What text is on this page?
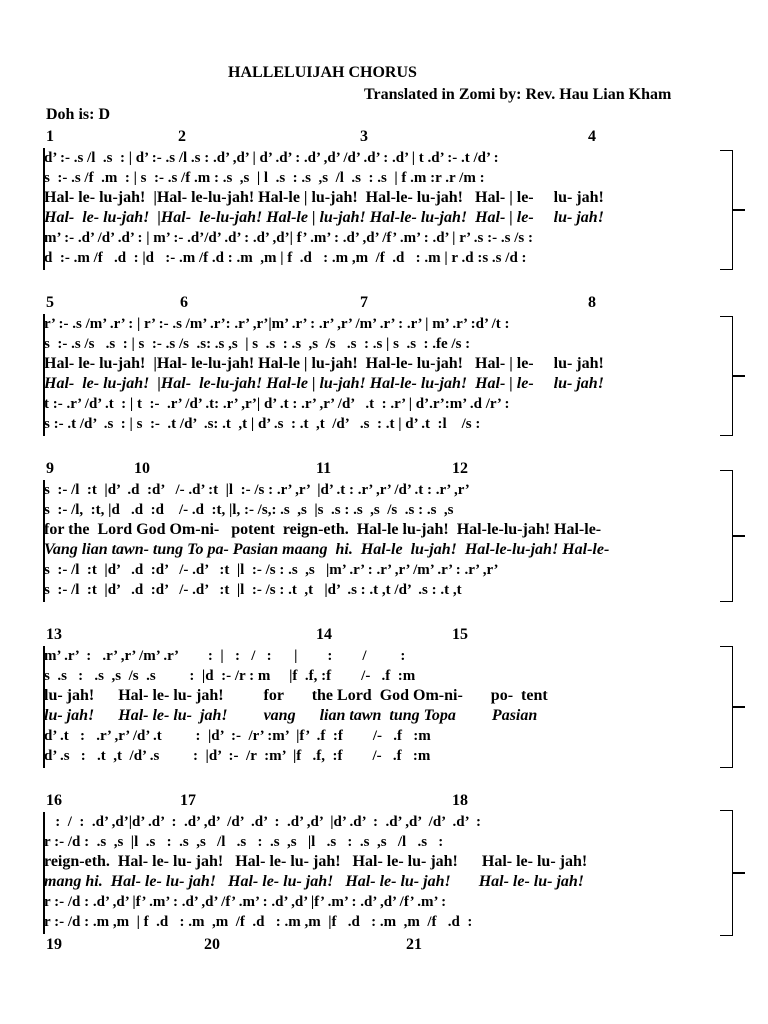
HALLELUIJAH CHORUS
Translated in Zomi by: Rev. Hau Lian Kham
Doh is: D
1	2	3	4
d’ :- .s /l  .s  : | d’ :- .s /l .s : .d’ ,d’ | d’ .d’ : .d’ ,d’ /d’ .d’ : .d’ | t .d’ :- .t /d’ :
s  :- .s /f  .m  : | s  :- .s /f .m : .s  ,s  | l  .s  : .s  ,s  /l  .s  : .s  | f .m :r .r /m :
Hal- le- lu-jah!  |Hal- le-lu-jah! Hal-le | lu-jah!  Hal-le- lu-jah!   Hal- | le-     lu- jah!
Hal-  le- lu-jah!  |Hal-  le-lu-jah! Hal-le | lu-jah! Hal-le- lu-jah!  Hal- | le-     lu- jah!
m’ :- .d’ /d’ .d’ : | m’ :- .d’/d’ .d’ : .d’ ,d’| f’ .m’ : .d’ ,d’ /f’ .m’ : .d’ | r’ .s :- .s /s :
d  :- .m /f   .d  : |d   :- .m /f .d : .m  ,m | f  .d   : .m ,m  /f  .d   : .m | r .d :s .s /d :
5	6	7	8
r’ :- .s /m’ .r’ : | r’ :- .s /m’ .r’: .r’ ,r’|m’ .r’ : .r’ ,r’ /m’ .r’ : .r’ | m’ .r’ :d’ /t :
s  :- .s /s   .s  : | s  :- .s /s  .s: .s ,s  | s  .s  : .s  ,s  /s   .s  : .s | s  .s  : .fe /s :
Hal- le- lu-jah!  |Hal- le-lu-jah! Hal-le | lu-jah!  Hal-le- lu-jah!   Hal- | le-     lu- jah!
Hal-  le- lu-jah!  |Hal-  le-lu-jah! Hal-le | lu-jah! Hal-le- lu-jah!  Hal- | le-     lu- jah!
t :- .r’ /d’ .t  : | t  :-  .r’ /d’ .t: .r’ ,r’| d’ .t : .r’ ,r’ /d’   .t  : .r’ | d’.r’:m’ .d /r’ :
s :- .t /d’  .s  : | s  :-  .t /d’  .s: .t  ,t | d’ .s  : .t  ,t  /d’   .s  : .t | d’ .t  :l    /s :
9	10	11	12
s  :- /l  :t  |d’  .d  :d’   /- .d’ :t  |l  :- /s : .r’ ,r’  |d’ .t : .r’ ,r’ /d’ .t : .r’ ,r’
s  :- /l,  :t, |d   .d  :d    /- .d  :t, |l, :- /s,: .s  ,s  |s  .s : .s  ,s  /s  .s : .s  ,s
for the  Lord God Om-ni-   potent  reign-eth.  Hal-le lu-jah!  Hal-le-lu-jah! Hal-le-
Vang lian tawn- tung To pa- Pasian maang  hi.  Hal-le  lu-jah!  Hal-le-lu-jah! Hal-le-
s  :- /l  :t  |d’   .d  :d’   /- .d’   :t  |l  :- /s : .s  ,s   |m’ .r’ : .r’ ,r’ /m’ .r’ : .r’ ,r’
s  :- /l  :t  |d’   .d  :d’   /- .d’   :t  |l  :- /s : .t  ,t   |d’  .s : .t ,t /d’  .s : .t ,t
13	14	15
m’ .r’  :   .r’ ,r’ /m’ .r’        :  |   :   /   :      |        :        /         :
s  .s   :   .s  ,s  /s  .s         :  |d  :- /r : m     |f  .f, :f        /-   .f  :m
lu- jah!      Hal- le- lu- jah!          for       the Lord  God Om-ni-       po-  tent
lu- jah!      Hal- le- lu-  jah!         vang      lian tawn  tung Topa         Pasian
d’ .t   :   .r’ ,r’ /d’ .t         :  |d’  :-  /r’ :m’  |f’  .f  :f        /-   .f   :m
d’ .s   :   .t  ,t  /d’ .s         :  |d’  :-  /r  :m’  |f   .f,  :f        /-   .f   :m
16	17	18
:  /  :  .d’ ,d’|d’ .d’  :  .d’ ,d’  /d’  .d’  :  .d’ ,d’  |d’ .d’  :  .d’ ,d’  /d’  .d’  :
r :- /d :  .s  ,s  |l  .s   :  .s  ,s   /l   .s   :  .s  ,s   |l   .s   :  .s  ,s   /l   .s   :
reign-eth.  Hal- le- lu- jah!   Hal- le- lu- jah!   Hal- le- lu- jah!      Hal- le- lu- jah!
mang hi.  Hal- le- lu- jah!   Hal- le- lu- jah!   Hal- le- lu- jah!       Hal- le- lu- jah!
r :- /d : .d’ ,d’ |f’ .m’ : .d’ ,d’ /f’ .m’ : .d’ ,d’ |f’ .m’ : .d’ ,d’ /f’ .m’ :
r :- /d : .m ,m  | f  .d   : .m  ,m  /f  .d   : .m ,m  |f   .d   : .m  ,m  /f   .d  :
19	20	21
